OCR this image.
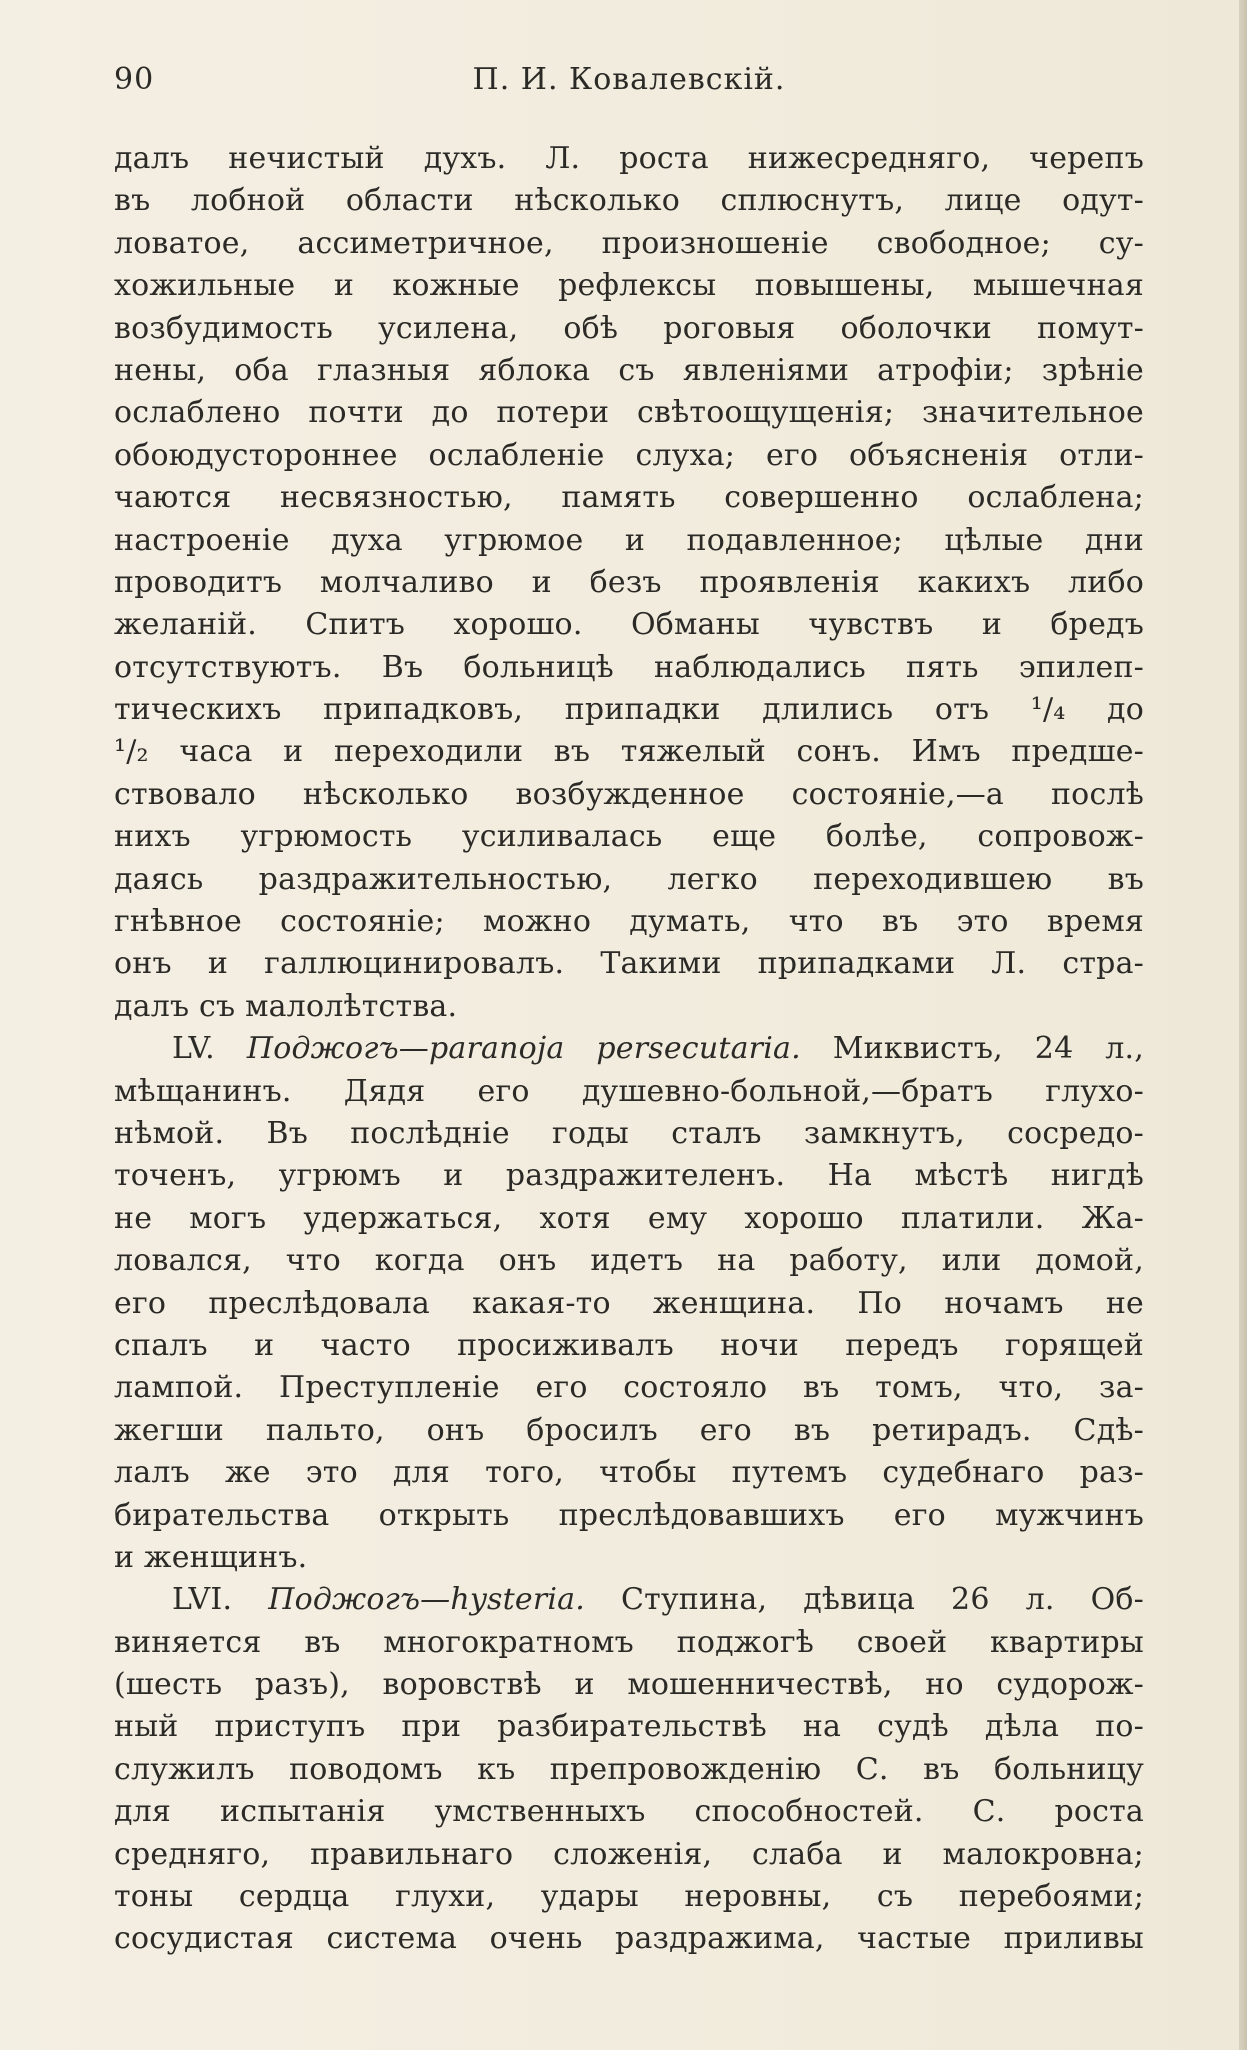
90	П. И. Ковалевскій.
далъ нечистый духъ. Л. роста нижесредняго, черепъ
въ лобной области нѣсколько сплюснутъ, лице одут-
ловатое, ассиметричное, произношеніе свободное; су-
хожильные и кожные рефлексы повышены, мышечная
возбудимость усилена, обѣ роговыя оболочки помут-
нены, оба глазныя яблока съ явленіями атрофіи; зрѣніе
ослаблено почти до потери свѣтоощущенія; значительное
обоюдустороннее ослабленіе слуха; его объясненія отли-
чаются несвязностью, память совершенно ослаблена;
настроеніе духа угрюмое и подавленное; цѣлые дни
проводитъ молчаливо и безъ проявленія какихъ либо
желаній. Спитъ хорошо. Обманы чувствъ и бредъ
отсутствуютъ. Въ больницѣ наблюдались пять эпилеп-
тическихъ припадковъ, припадки длились отъ ¹/₄ до
¹/₂ часа и переходили въ тяжелый сонъ. Имъ предше-
ствовало нѣсколько возбужденное состояніе,—а послѣ
нихъ угрюмость усиливалась еще болѣе, сопровож-
даясь раздражительностью, легко переходившею въ
гнѣвное состояніе; можно думать, что въ это время
онъ и галлюцинировалъ. Такими припадками Л. стра-
далъ съ малолѣтства.
LV. Поджогъ—paranoja persecutaria. Миквистъ, 24 л.,
мѣщанинъ. Дядя его душевно-больной,—братъ глухо-
нѣмой. Въ послѣдніе годы сталъ замкнутъ, сосредо-
точенъ, угрюмъ и раздражителенъ. На мѣстѣ нигдѣ
не могъ удержаться, хотя ему хорошо платили. Жа-
ловался, что когда онъ идетъ на работу, или домой,
его преслѣдовала какая-то женщина. По ночамъ не
спалъ и часто просиживалъ ночи передъ горящей
лампой. Преступленіе его состояло въ томъ, что, за-
жегши пальто, онъ бросилъ его въ ретирадъ. Сдѣ-
лалъ же это для того, чтобы путемъ судебнаго раз-
бирательства открыть преслѣдовавшихъ его мужчинъ
и женщинъ.
LVI. Поджогъ—hysteria. Ступина, дѣвица 26 л. Об-
виняется въ многократномъ поджогѣ своей квартиры
(шесть разъ), воровствѣ и мошенничествѣ, но судорож-
ный приступъ при разбирательствѣ на судѣ дѣла по-
служилъ поводомъ къ препровожденію С. въ больницу
для испытанія умственныхъ способностей. С. роста
средняго, правильнаго сложенія, слаба и малокровна;
тоны сердца глухи, удары неровны, съ перебоями;
сосудистая система очень раздражима, частые приливы
